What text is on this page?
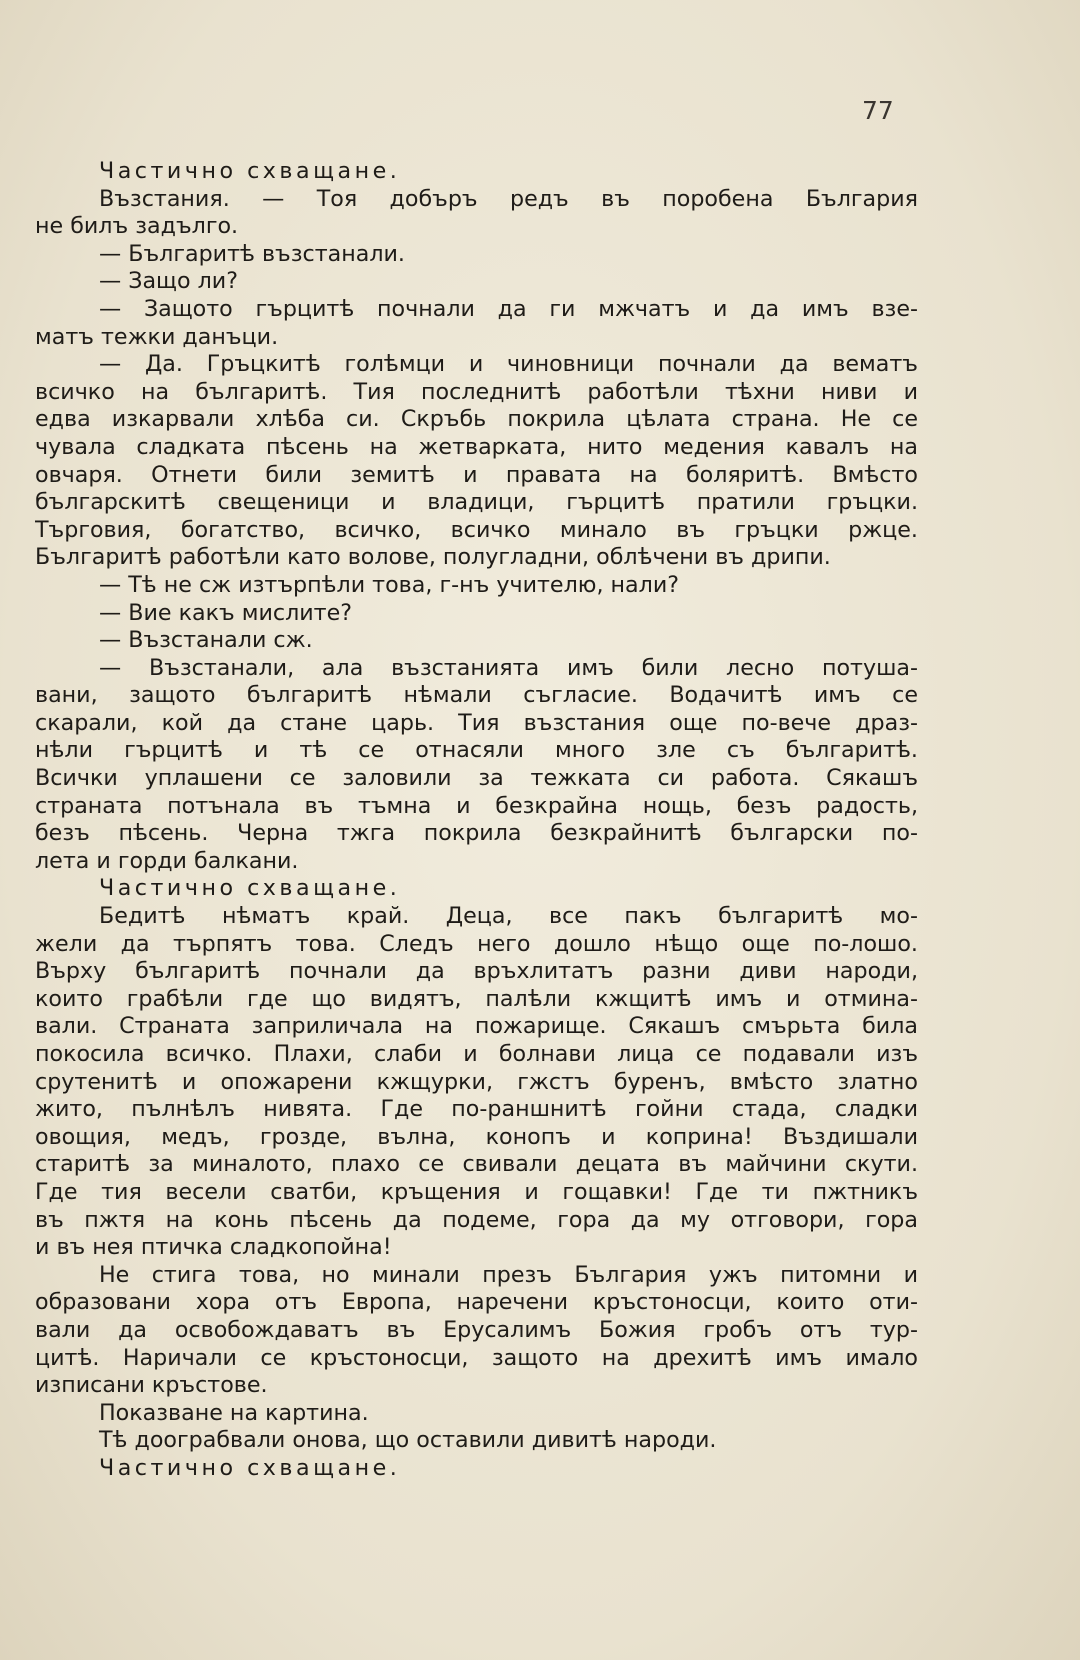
77
Частично схващане.
Възстания. — Тоя добъръ редъ въ поробена България
не билъ задълго.
— Българитѣ възстанали.
— Защо ли?
— Защото гърцитѣ почнали да ги мжчатъ и да имъ взе-
матъ тежки данъци.
— Да. Гръцкитѣ голѣмци и чиновници почнали да вематъ
всичко на българитѣ. Тия последнитѣ работѣли тѣхни ниви и
едва изкарвали хлѣба си. Скръбь покрила цѣлата страна. Не се
чувала сладката пѣсень на жетварката, нито медения кавалъ на
овчаря. Отнети били земитѣ и правата на боляритѣ. Вмѣсто
българскитѣ свещеници и владици, гърцитѣ пратили гръцки.
Търговия, богатство, всичко, всичко минало въ гръцки ржце.
Българитѣ работѣли като волове, полугладни, облѣчени въ дрипи.
— Тѣ не сж изтърпѣли това, г-нъ учителю, нали?
— Вие какъ мислите?
— Възстанали сж.
— Възстанали, ала възстанията имъ били лесно потуша-
вани, защото българитѣ нѣмали съгласие. Водачитѣ имъ се
скарали, кой да стане царь. Тия възстания още по-вече драз-
нѣли гърцитѣ и тѣ се отнасяли много зле съ българитѣ.
Всички уплашени се заловили за тежката си работа. Сякашъ
страната потънала въ тъмна и безкрайна нощь, безъ радость,
безъ пѣсень. Черна тжга покрила безкрайнитѣ български по-
лета и горди балкани.
Частично схващане.
Бедитѣ нѣматъ край. Деца, все пакъ българитѣ мо-
жели да търпятъ това. Следъ него дошло нѣщо още по-лошо.
Върху българитѣ почнали да връхлитатъ разни диви народи,
които грабѣли где що видятъ, палѣли кжщитѣ имъ и отмина-
вали. Страната заприличала на пожарище. Сякашъ смърьта била
покосила всичко. Плахи, слаби и болнави лица се подавали изъ
срутенитѣ и опожарени кжщурки, гжстъ буренъ, вмѣсто златно
жито, пълнѣлъ нивята. Где по-раншнитѣ гойни стада, сладки
овощия, медъ, грозде, вълна, конопъ и коприна! Въздишали
старитѣ за миналото, плахо се свивали децата въ майчини скути.
Где тия весели сватби, кръщения и гощавки! Где ти пжтникъ
въ пжтя на конь пѣсень да подеме, гора да му отговори, гора
и въ нея птичка сладкопойна!
Не стига това, но минали презъ България ужъ питомни и
образовани хора отъ Европа, наречени кръстоносци, които оти-
вали да освобождаватъ въ Ерусалимъ Божия гробъ отъ тур-
цитѣ. Наричали се кръстоносци, защото на дрехитѣ имъ имало
изписани кръстове.
Показване на картина.
Тѣ доограбвали онова, що оставили дивитѣ народи.
Частично схващане.
